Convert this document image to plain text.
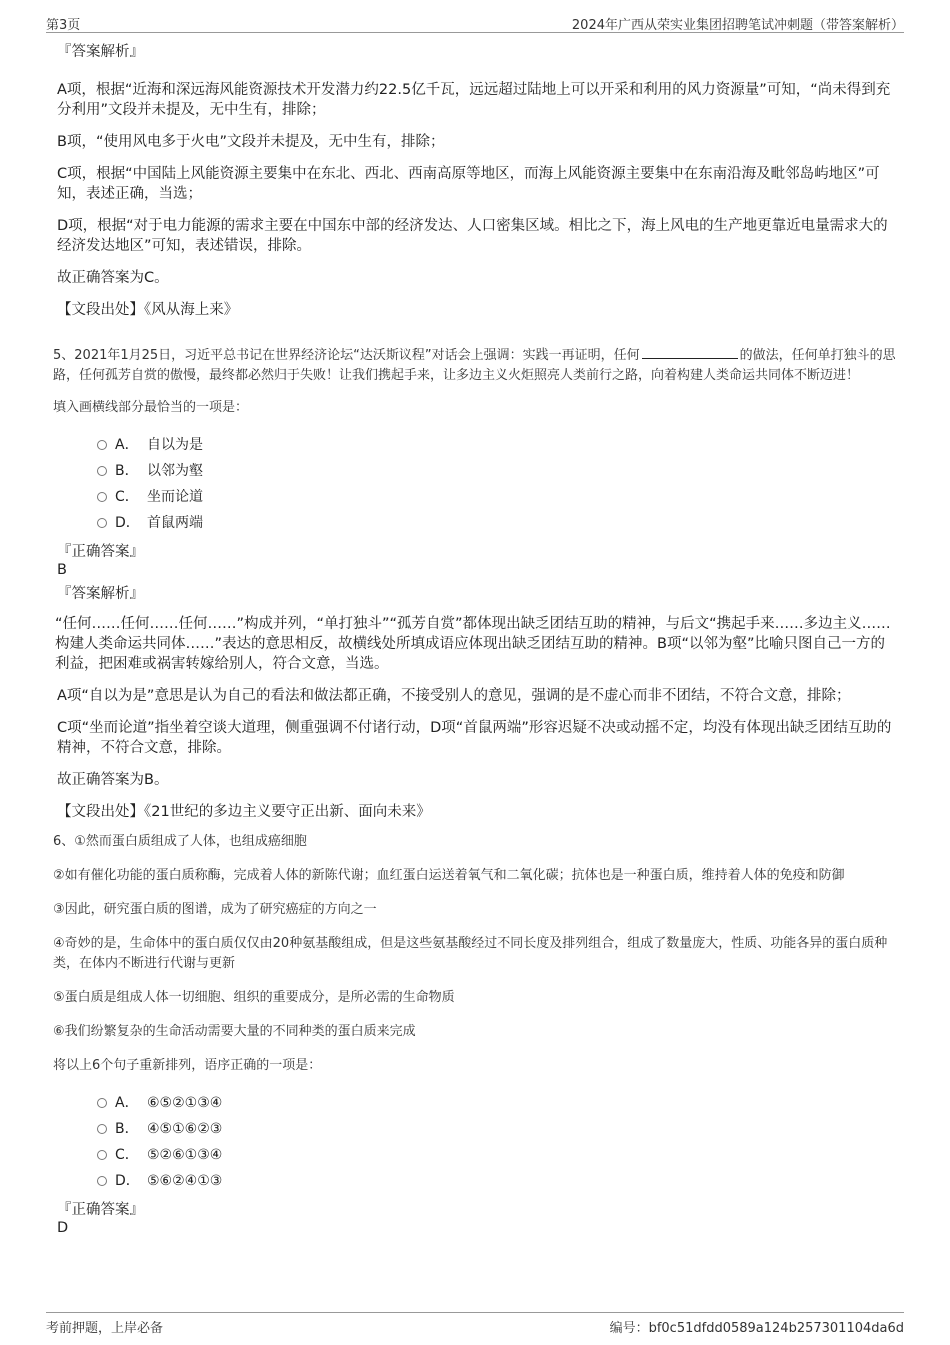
第3页	2024年广西从荣实业集团招聘笔试冲刺题（带答案解析）

『答案解析』

A项，根据“近海和深远海风能资源技术开发潜力约22.5亿千瓦，远远超过陆地上可以开采和利用的风力资源量”可知，“尚未得到充分利用”文段并未提及，无中生有，排除；

B项，“使用风电多于火电”文段并未提及，无中生有，排除；

C项，根据“中国陆上风能资源主要集中在东北、西北、西南高原等地区，而海上风能资源主要集中在东南沿海及毗邻岛屿地区”可知，表述正确，当选；

D项，根据“对于电力能源的需求主要在中国东中部的经济发达、人口密集区域。相比之下，海上风电的生产地更靠近电量需求大的经济发达地区”可知，表述错误，排除。

故正确答案为C。

【文段出处】《风从海上来》

5、2021年1月25日，习近平总书记在世界经济论坛“达沃斯议程”对话会上强调：实践一再证明，任何	的做法，任何单打独斗的思路，任何孤芳自赏的傲慢，最终都必然归于失败！让我们携起手来，让多边主义火炬照亮人类前行之路，向着构建人类命运共同体不断迈进！

填入画横线部分最恰当的一项是：

A． 自以为是
B． 以邻为壑
C． 坐而论道
D． 首鼠两端

『正确答案』

B

『答案解析』

“任何……任何……任何……”构成并列，“单打独斗”“孤芳自赏”都体现出缺乏团结互助的精神，与后文“携起手来……多边主义……构建人类命运共同体……”表达的意思相反，故横线处所填成语应体现出缺乏团结互助的精神。B项“以邻为壑”比喻只图自己一方的利益，把困难或祸害转嫁给别人，符合文意，当选。

A项“自以为是”意思是认为自己的看法和做法都正确，不接受别人的意见，强调的是不虚心而非不团结，不符合文意，排除；

C项“坐而论道”指坐着空谈大道理，侧重强调不付诸行动，D项“首鼠两端”形容迟疑不决或动摇不定，均没有体现出缺乏团结互助的精神，不符合文意，排除。

故正确答案为B。

【文段出处】《21世纪的多边主义要守正出新、面向未来》

6、①然而蛋白质组成了人体，也组成癌细胞

②如有催化功能的蛋白质称酶，完成着人体的新陈代谢；血红蛋白运送着氧气和二氧化碳；抗体也是一种蛋白质，维持着人体的免疫和防御

③因此，研究蛋白质的图谱，成为了研究癌症的方向之一

④奇妙的是，生命体中的蛋白质仅仅由20种氨基酸组成，但是这些氨基酸经过不同长度及排列组合，组成了数量庞大，性质、功能各异的蛋白质种类，在体内不断进行代谢与更新

⑤蛋白质是组成人体一切细胞、组织的重要成分，是所必需的生命物质

⑥我们纷繁复杂的生命活动需要大量的不同种类的蛋白质来完成

将以上6个句子重新排列，语序正确的一项是：

A． ⑥⑤②①③④
B． ④⑤①⑥②③
C． ⑤②⑥①③④
D． ⑤⑥②④①③

『正确答案』

D

考前押题，上岸必备	编号：bf0c51dfdd0589a124b257301104da6d
